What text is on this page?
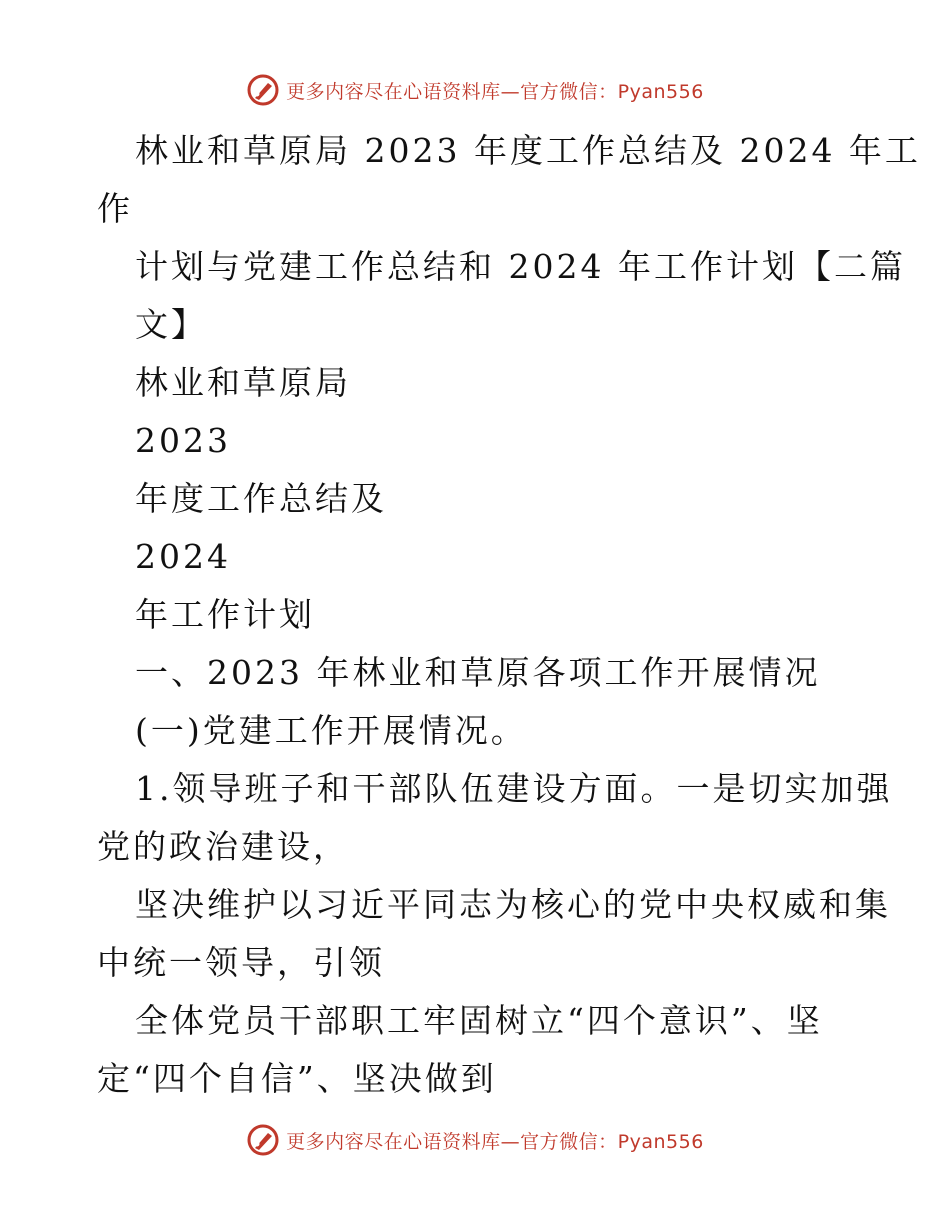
更多内容尽在心语资料库—官方微信：Pyan556
林业和草原局 2023 年度工作总结及 2024 年工
作
计划与党建工作总结和 2024 年工作计划【二篇
文】
林业和草原局
2023
年度工作总结及
2024
年工作计划
一、2023 年林业和草原各项工作开展情况
(一)党建工作开展情况。
1.领导班子和干部队伍建设方面。一是切实加强
党的政治建设，
坚决维护以习近平同志为核心的党中央权威和集
中统一领导，引领
全体党员干部职工牢固树立“四个意识”、坚
定“四个自信”、坚决做到
更多内容尽在心语资料库—官方微信：Pyan556
